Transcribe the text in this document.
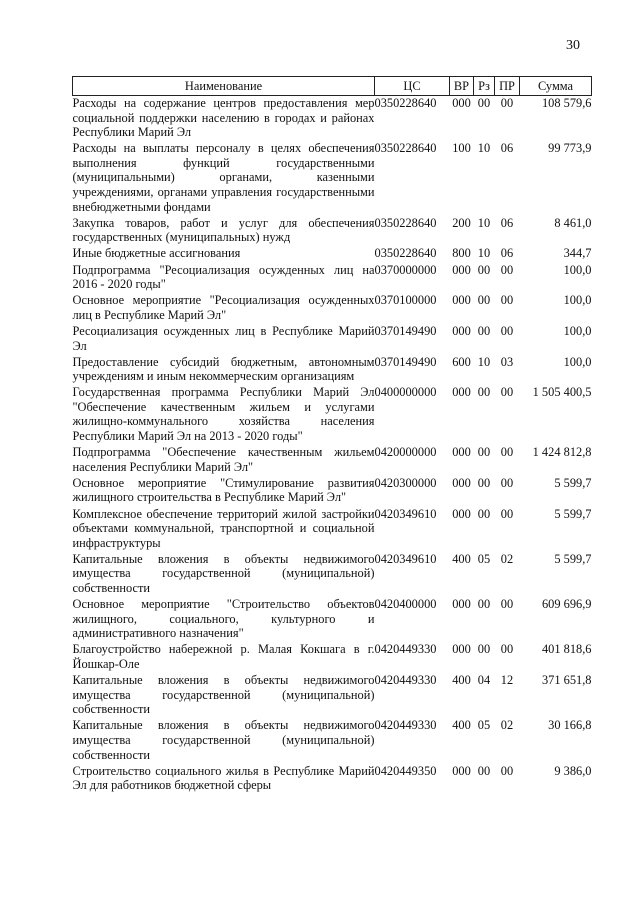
30
Наименование	ЦС	ВР	Рз	ПР	Сумма
Расходы на содержание центров предоставления мер социальной поддержки населению в городах и районах Республики Марий Эл	0350228640	000	00	00	108 579,6
Расходы на выплаты персоналу в целях обеспечения выполнения функций государственными (муниципальными) органами, казенными учреждениями, органами управления государственными внебюджетными фондами	0350228640	100	10	06	99 773,9
Закупка товаров, работ и услуг для обеспечения государственных (муниципальных) нужд	0350228640	200	10	06	8 461,0
Иные бюджетные ассигнования	0350228640	800	10	06	344,7
Подпрограмма "Ресоциализация осужденных лиц на 2016 - 2020 годы"	0370000000	000	00	00	100,0
Основное мероприятие "Ресоциализация осужденных лиц в Республике Марий Эл"	0370100000	000	00	00	100,0
Ресоциализация осужденных лиц в Республике Марий Эл	0370149490	000	00	00	100,0
Предоставление субсидий бюджетным, автономным учреждениям и иным некоммерческим организациям	0370149490	600	10	03	100,0
Государственная программа Республики Марий Эл "Обеспечение качественным жильем и услугами жилищно-коммунального хозяйства населения Республики Марий Эл на 2013 - 2020 годы"	0400000000	000	00	00	1 505 400,5
Подпрограмма "Обеспечение качественным жильем населения Республики Марий Эл"	0420000000	000	00	00	1 424 812,8
Основное мероприятие "Стимулирование развития жилищного строительства в Республике Марий Эл"	0420300000	000	00	00	5 599,7
Комплексное обеспечение территорий жилой застройки объектами коммунальной, транспортной и социальной инфраструктуры	0420349610	000	00	00	5 599,7
Капитальные вложения в объекты недвижимого имущества государственной (муниципальной) собственности	0420349610	400	05	02	5 599,7
Основное мероприятие "Строительство объектов жилищного, социального, культурного и административного назначения"	0420400000	000	00	00	609 696,9
Благоустройство набережной р. Малая Кокшага в г. Йошкар-Оле	0420449330	000	00	00	401 818,6
Капитальные вложения в объекты недвижимого имущества государственной (муниципальной) собственности	0420449330	400	04	12	371 651,8
Капитальные вложения в объекты недвижимого имущества государственной (муниципальной) собственности	0420449330	400	05	02	30 166,8
Строительство социального жилья в Республике Марий Эл для работников бюджетной сферы	0420449350	000	00	00	9 386,0
